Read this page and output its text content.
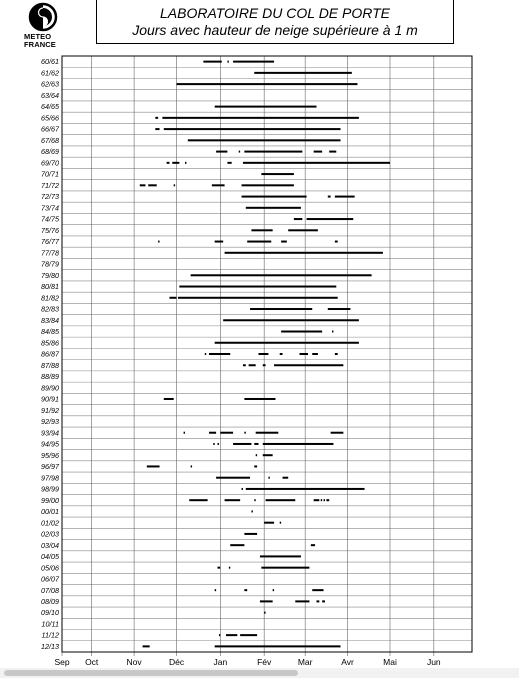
METEO
FRANCE
LABORATOIRE DU COL DE PORTE
Jours avec hauteur de neige supérieure à 1 m
60/61
61/62
62/63
63/64
64/65
65/66
66/67
67/68
68/69
69/70
70/71
71/72
72/73
73/74
74/75
75/76
76/77
77/78
78/79
79/80
80/81
81/82
82/83
83/84
84/85
85/86
86/87
87/88
88/89
89/90
90/91
91/92
92/93
93/94
94/95
95/96
96/97
97/98
98/99
99/00
00/01
01/02
02/03
03/04
04/05
05/06
06/07
07/08
08/09
09/10
10/11
11/12
12/13
Sep Oct	Nov	Déc	Jan	Fév	Mar	Avr	Mai	Jun
